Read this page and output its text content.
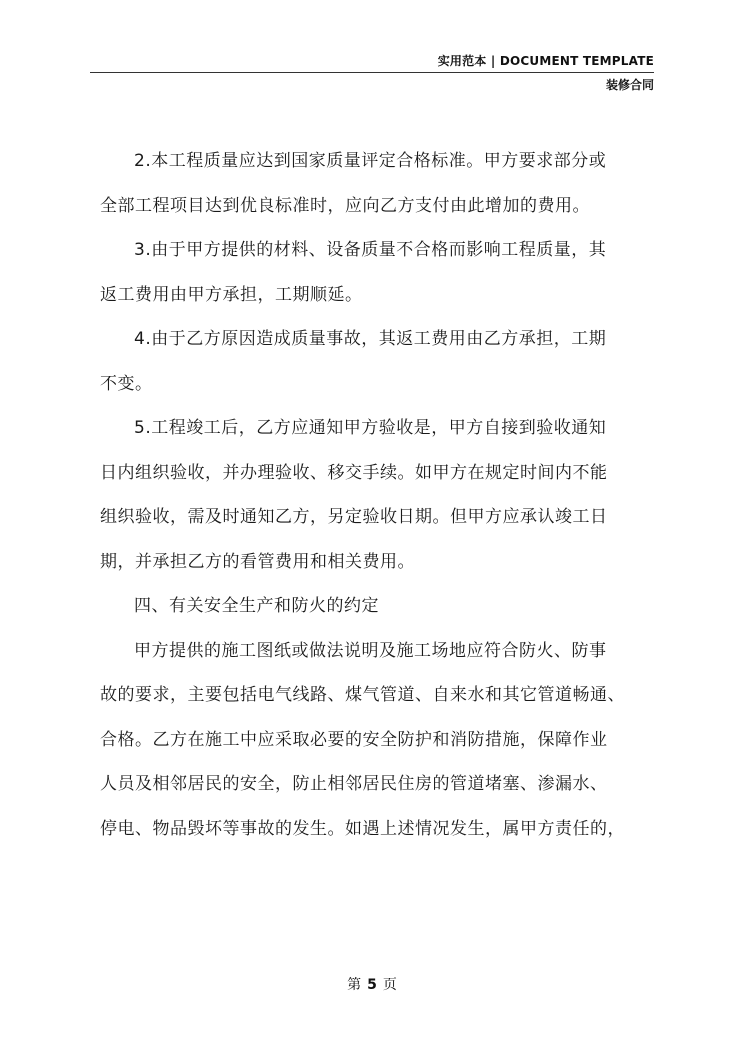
实用范本 | DOCUMENT TEMPLATE
装修合同

2.本工程质量应达到国家质量评定合格标准。甲方要求部分或
全部工程项目达到优良标准时，应向乙方支付由此增加的费用。

3.由于甲方提供的材料、设备质量不合格而影响工程质量，其
返工费用由甲方承担，工期顺延。

4.由于乙方原因造成质量事故，其返工费用由乙方承担，工期
不变。

5.工程竣工后，乙方应通知甲方验收是，甲方自接到验收通知
日内组织验收，并办理验收、移交手续。如甲方在规定时间内不能
组织验收，需及时通知乙方，另定验收日期。但甲方应承认竣工日
期，并承担乙方的看管费用和相关费用。

四、有关安全生产和防火的约定

甲方提供的施工图纸或做法说明及施工场地应符合防火、防事
故的要求，主要包括电气线路、煤气管道、自来水和其它管道畅通、
合格。乙方在施工中应采取必要的安全防护和消防措施，保障作业
人员及相邻居民的安全，防止相邻居民住房的管道堵塞、渗漏水、
停电、物品毁坏等事故的发生。如遇上述情况发生，属甲方责任的，

第 5 页
